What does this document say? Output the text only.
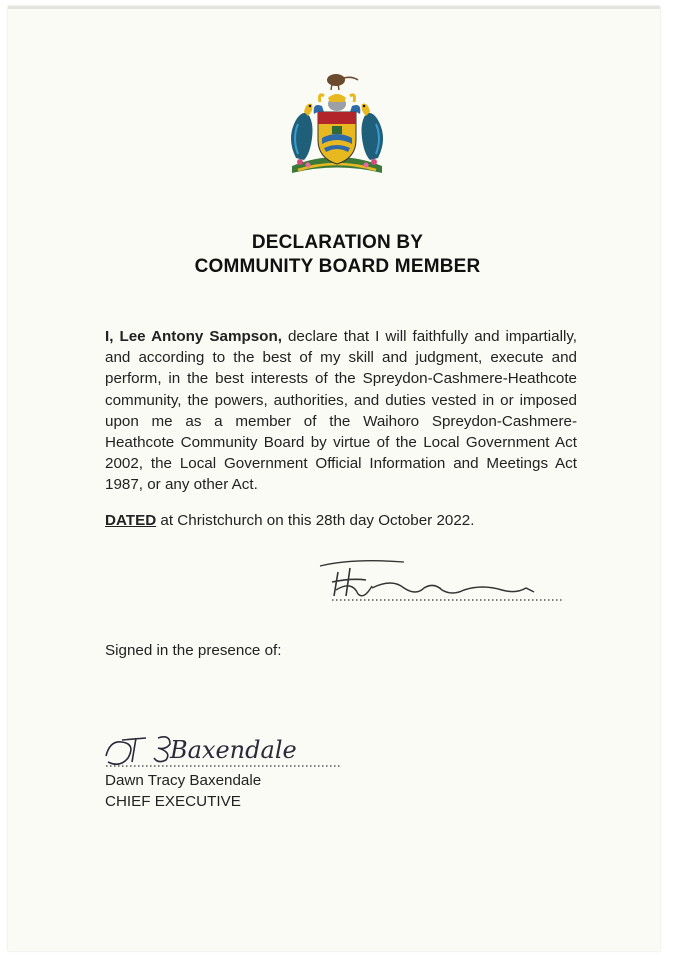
DECLARATION BY
COMMUNITY BOARD MEMBER
I, Lee Antony Sampson, declare that I will faithfully and impartially, and according to the best of my skill and judgment, execute and perform, in the best interests of the Spreydon-Cashmere-Heathcote community, the powers, authorities, and duties vested in or imposed upon me as a member of the Waihoro Spreydon-Cashmere-Heathcote Community Board by virtue of the Local Government Act 2002, the Local Government Official Information and Meetings Act 1987, or any other Act.
DATED at Christchurch on this 28th day October 2022.
Signed in the presence of:
Baxendale
Dawn Tracy Baxendale
CHIEF EXECUTIVE
